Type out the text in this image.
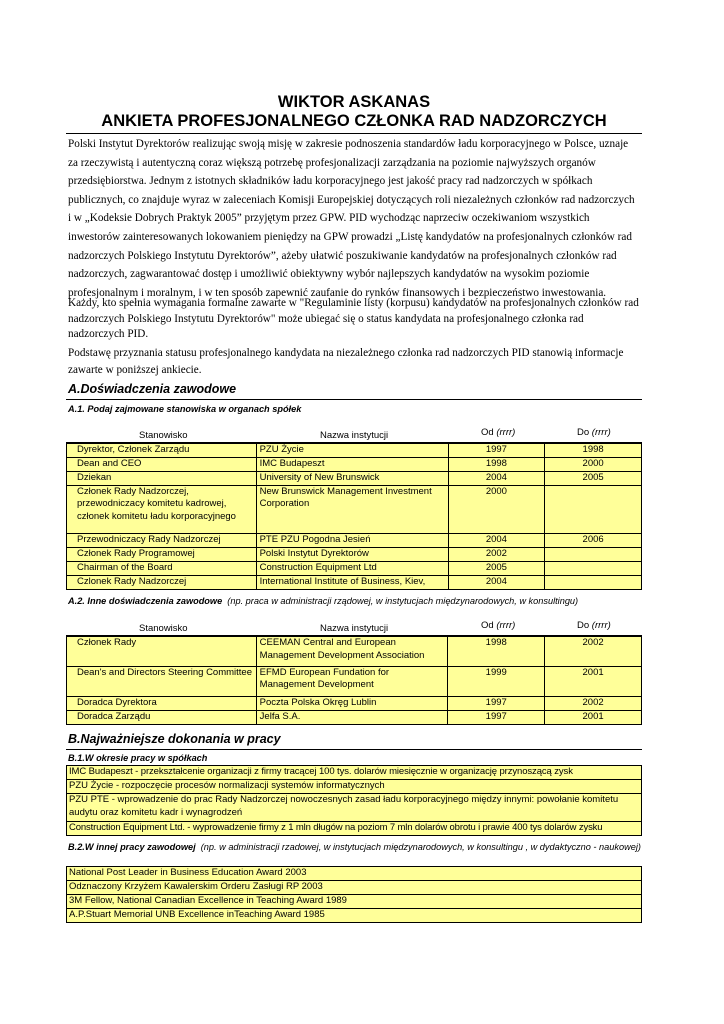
WIKTOR ASKANAS
ANKIETA PROFESJONALNEGO CZŁONKA RAD NADZORCZYCH

Polski Instytut Dyrektorów realizując swoją misję w zakresie podnoszenia standardów ładu korporacyjnego w Polsce, uznaje za rzeczywistą i autentyczną coraz większą potrzebę profesjonalizacji zarządzania na poziomie najwyższych organów przedsiębiorstwa. Jednym z istotnych składników ładu korporacyjnego jest jakość pracy rad nadzorczych w spółkach publicznych, co znajduje wyraz w zaleceniach Komisji Europejskiej dotyczących roli niezależnych członków rad nadzorczych i w „Kodeksie Dobrych Praktyk 2005” przyjętym przez GPW. PID wychodząc naprzeciw oczekiwaniom wszystkich inwestorów zainteresowanych lokowaniem pieniędzy na GPW prowadzi „Listę kandydatów na profesjonalnych członków rad nadzorczych Polskiego Instytutu Dyrektorów”, ażeby ułatwić poszukiwanie kandydatów na profesjonalnych członków rad nadzorczych, zagwarantować dostęp i umożliwić obiektywny wybór najlepszych kandydatów na wysokim poziomie profesjonalnym i moralnym, i w ten sposób zapewnić zaufanie do rynków finansowych i bezpieczeństwo inwestowania.

Każdy, kto spełnia wymagania formalne zawarte w "Regulaminie listy (korpusu) kandydatów na profesjonalnych członków rad nadzorczych Polskiego Instytutu Dyrektorów" może ubiegać się o status kandydata na profesjonalnego członka rad nadzorczych PID.

Podstawę przyznania statusu profesjonalnego kandydata na niezależnego członka rad nadzorczych PID stanowią informacje zawarte w poniższej ankiecie.

A.Doświadczenia zawodowe
A.1. Podaj zajmowane stanowiska w organach spółek
Stanowisko	Nazwa instytucji	Od (rrrr)	Do (rrrr)
Dyrektor, Członek Zarządu	PZU Życie	1997	1998
Dean and CEO	IMC Budapeszt	1998	2000
Dziekan	University of New Brunswick	2004	2005
Członek Rady Nadzorczej, przewodniczacy komitetu kadrowej, członek komitetu ładu korporacyjnego	New Brunswick Management Investment Corporation	2000	
Przewodniczacy Rady Nadzorczej	PTE PZU Pogodna Jesień	2004	2006
Członek Rady Programowej	Polski Instytut Dyrektorów	2002	
Chairman of the Board	Construction Equipment Ltd	2005	
Czlonek Rady Nadzorczej	International Institute of Business, Kiev,	2004	
A.2. Inne doświadczenia zawodowe (np. praca w administracji rządowej, w instytucjach międzynarodowych, w konsultingu)
Stanowisko	Nazwa instytucji	Od (rrrr)	Do (rrrr)
Członek Rady	CEEMAN Central and European Management Development Association	1998	2002
Dean's and Directors Steering Committee	EFMD European Fundation for Management Development	1999	2001
Doradca Dyrektora	Poczta Polska Okręg Lublin	1997	2002
Doradca Zarządu	Jelfa S.A.	1997	2001
B.Najważniejsze dokonania w pracy
B.1.W okresie pracy w spółkach
IMC Budapeszt - przekształcenie organizacji z firmy tracącej 100 tys. dolarów miesięcznie w organizację przynoszącą zysk
PZU Życie - rozpoczęcie procesów normalizacji systemów informatycznych
PZU PTE - wprowadzenie do prac Rady Nadzorczej nowoczesnych zasad ładu korporacyjnego między innymi: powołanie komitetu audytu oraz komitetu kadr i wynagrodzeń
Construction Equipment Ltd. - wyprowadzenie firmy z 1 mln długów na poziom 7 mln dolarów obrotu i prawie 400 tys dolarów zysku
B.2.W innej pracy zawodowej (np. w administracji rzadowej, w instytucjach międzynarodowych, w konsultingu , w dydaktyczno - naukowej)
National Post Leader in Business Education Award 2003
Odznaczony Krzyżem Kawalerskim Orderu Zasługi RP 2003
3M Fellow, National Canadian Excellence in Teaching Award 1989
A.P.Stuart Memorial UNB Excellence inTeaching Award 1985
